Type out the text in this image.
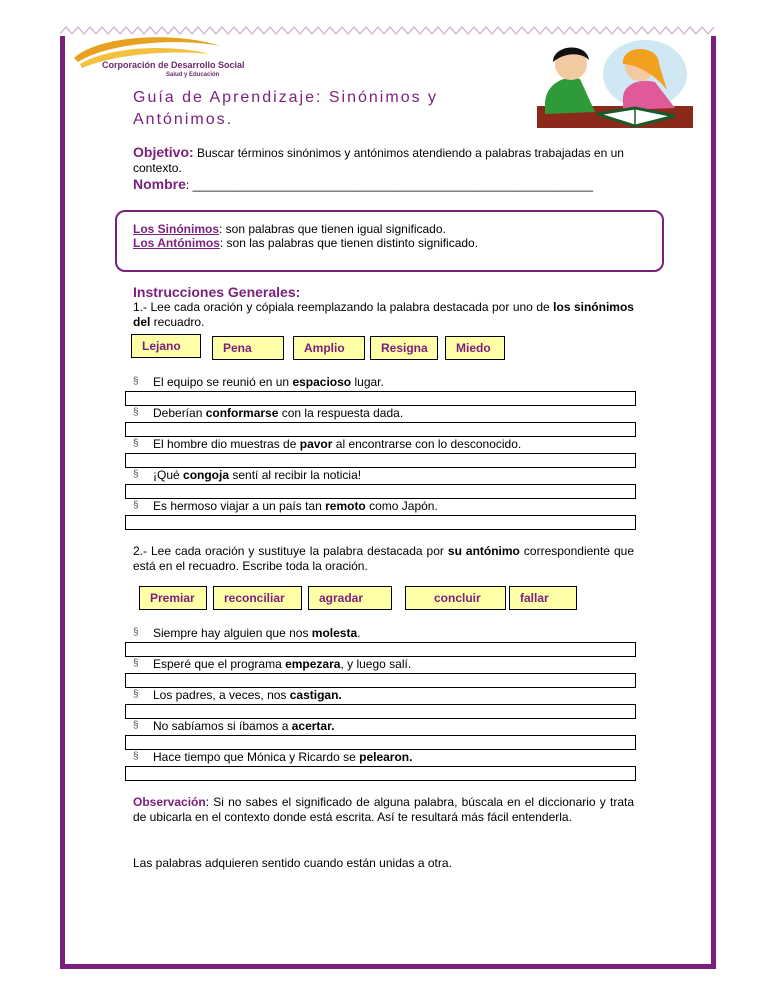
Corporación de Desarrollo Social
Salud y Educación
Guía de Aprendizaje: Sinónimos y
Antónimos.
Objetivo: Buscar términos sinónimos y antónimos atendiendo a palabras trabajadas en un contexto.
Nombre: ____________________________________________________________
Los Sinónimos: son palabras que tienen igual significado.
Los Antónimos: son las palabras que tienen distinto significado.
Instrucciones Generales:
1.- Lee cada oración y cópiala reemplazando la palabra destacada por uno de los sinónimos del recuadro.
Lejano	Pena	Amplio	Resigna	Miedo
§ El equipo se reunió en un espacioso lugar.
§ Deberían conformarse con la respuesta dada.
§ El hombre dio muestras de pavor al encontrarse con lo desconocido.
§ ¡Qué congoja sentí al recibir la noticia!
§ Es hermoso viajar a un país tan remoto como Japón.
2.- Lee cada oración y sustituye la palabra destacada por su antónimo correspondiente que está en el recuadro. Escribe toda la oración.
Premiar	reconciliar	agradar	concluir	fallar
§ Siempre hay alguien que nos molesta.
§ Esperé que el programa empezara, y luego salí.
§ Los padres, a veces, nos castigan.
§ No sabíamos si íbamos a acertar.
§ Hace tiempo que Mónica y Ricardo se pelearon.
Observación: Si no sabes el significado de alguna palabra, búscala en el diccionario y trata de ubicarla en el contexto donde está escrita. Así te resultará más fácil entenderla.
Las palabras adquieren sentido cuando están unidas a otra.
